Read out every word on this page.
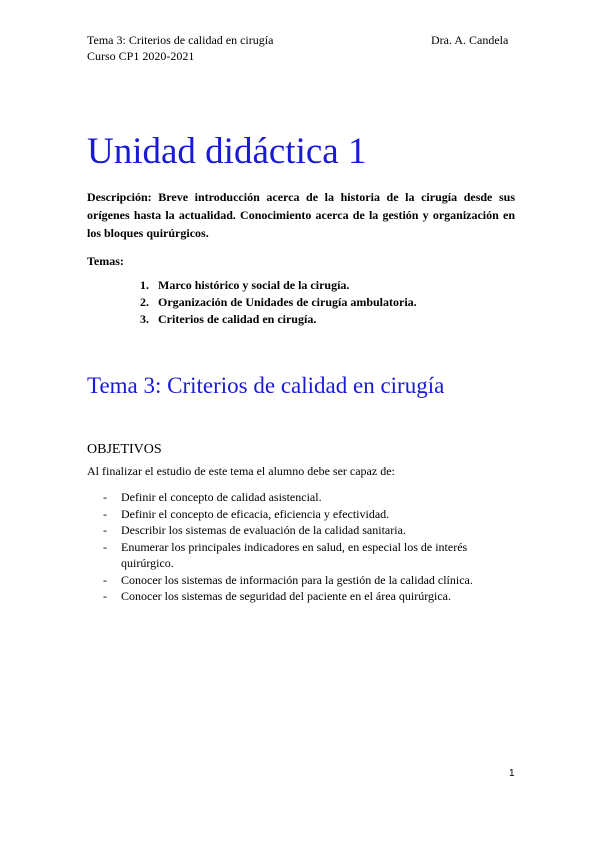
Tema 3: Criterios de calidad en cirugía
Curso CP1 2020-2021
Dra. A. Candela
Unidad didáctica 1
Descripción: Breve introducción acerca de la historia de la cirugía desde sus orígenes hasta la actualidad. Conocimiento acerca de la gestión y organización en los bloques quirúrgicos.
Temas:
1. Marco histórico y social de la cirugía.
2. Organización de Unidades de cirugía ambulatoria.
3. Criterios de calidad en cirugía.
Tema 3: Criterios de calidad en cirugía
OBJETIVOS
Al finalizar el estudio de este tema el alumno debe ser capaz de:
- Definir el concepto de calidad asistencial.
- Definir el concepto de eficacia, eficiencia y efectividad.
- Describir los sistemas de evaluación de la calidad sanitaria.
- Enumerar los principales indicadores en salud, en especial los de interés quirúrgico.
- Conocer los sistemas de información para la gestión de la calidad clínica.
- Conocer los sistemas de seguridad del paciente en el área quirúrgica.
1
